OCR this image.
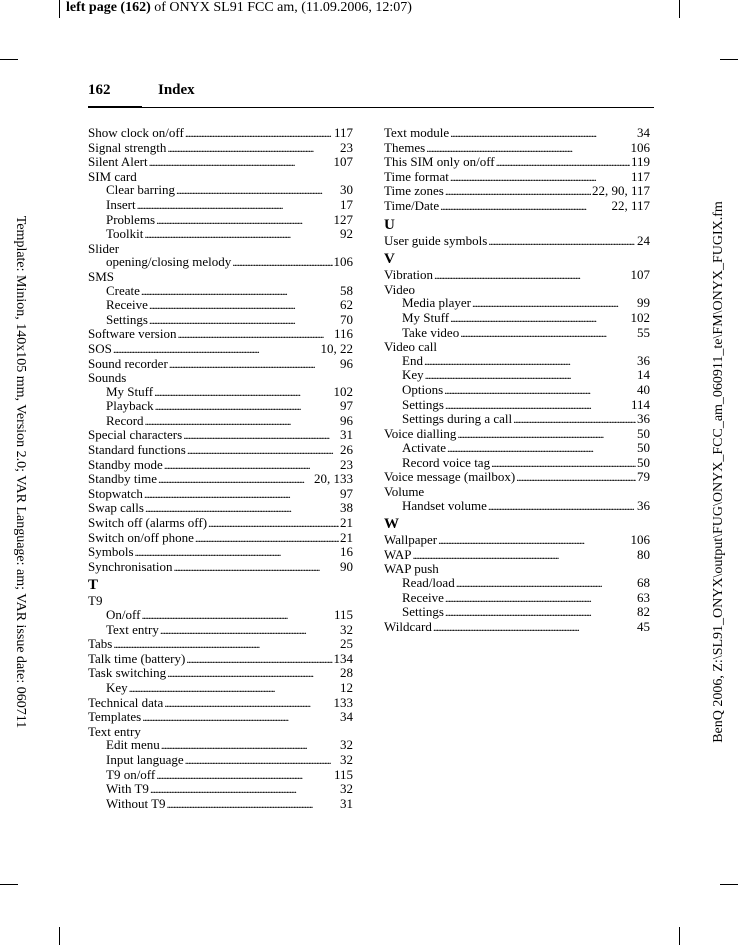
left page (162) of ONYX SL91 FCC am, (11.09.2006, 12:07)
Template: Minion, 140x105 mm, Version 2.0; VAR Language: am; VAR issue date: 060711	BenQ 2006, Z:\SL91_ONYX\output\FUG\ONYX_FCC_am_060911_te\FM\ONYX_FUGIX.fm
162	Index
Show clock on/off . . .	117
Signal strength . . .	23
Silent Alert . . .	107
SIM card
Clear barring . . .	30
Insert . . .	17
Problems . . .	127
Toolkit . . .	92
Slider
opening/closing melody . . .	106
SMS
Create . . .	58
Receive . . .	62
Settings . . .	70
Software version . . .	116
SOS . . .	10, 22
Sound recorder . . .	96
Sounds
My Stuff . . .	102
Playback . . .	97
Record . . .	96
Special characters . . .	31
Standard functions . . .	26
Standby mode . . .	23
Standby time . . .	20, 133
Stopwatch . . .	97
Swap calls . . .	38
Switch off (alarms off) . . .	21
Switch on/off phone . . .	21
Symbols . . .	16
Synchronisation . . .	90
T
T9
On/off . . .	115
Text entry . . .	32
Tabs . . .	25
Talk time (battery) . . .	134
Task switching . . .	28
Key . . .	12
Technical data . . .	133
Templates . . .	34
Text entry
Edit menu . . .	32
Input language . . .	32
T9 on/off . . .	115
With T9 . . .	32
Without T9 . . .	31
Text module . . .	34
Themes . . .	106
This SIM only on/off . . .	119
Time format . . .	117
Time zones . . .	22, 90, 117
Time/Date . . .	22, 117
U
User guide symbols . . .	24
V
Vibration . . .	107
Video
Media player . . .	99
My Stuff . . .	102
Take video . . .	55
Video call
End . . .	36
Key . . .	14
Options . . .	40
Settings . . .	114
Settings during a call . . .	36
Voice dialling . . .	50
Activate . . .	50
Record voice tag . . .	50
Voice message (mailbox) . . .	79
Volume
Handset volume . . .	36
W
Wallpaper . . .	106
WAP . . .	80
WAP push
Read/load . . .	68
Receive . . .	63
Settings . . .	82
Wildcard . . .	45
